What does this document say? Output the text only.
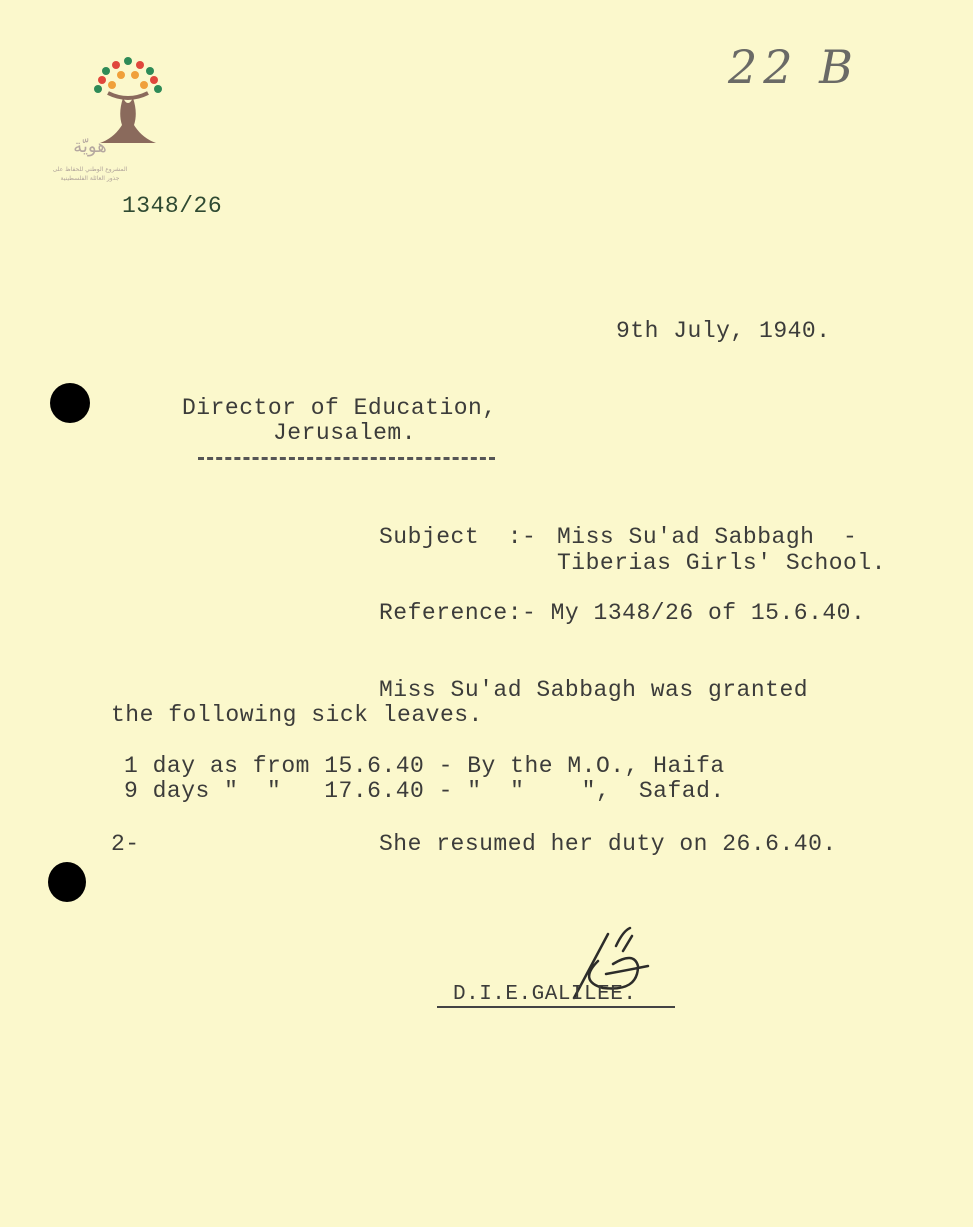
هويّة
المشروع الوطني للحفاظ على
جذور العائلة الفلسطينية
22 B
1348/26
9th July, 1940.
Director of Education,
Jerusalem.
Subject  :- Miss Su'ad Sabbagh  -
Tiberias Girls' School.
Reference:- My 1348/26 of 15.6.40.
Miss Su'ad Sabbagh was granted
the following sick leaves.
1 day as from 15.6.40 - By the M.O., Haifa
9 days "  "   17.6.40 - "  "    ",  Safad.
2-	She resumed her duty on 26.6.40.

D.I.E.GALILEE.
